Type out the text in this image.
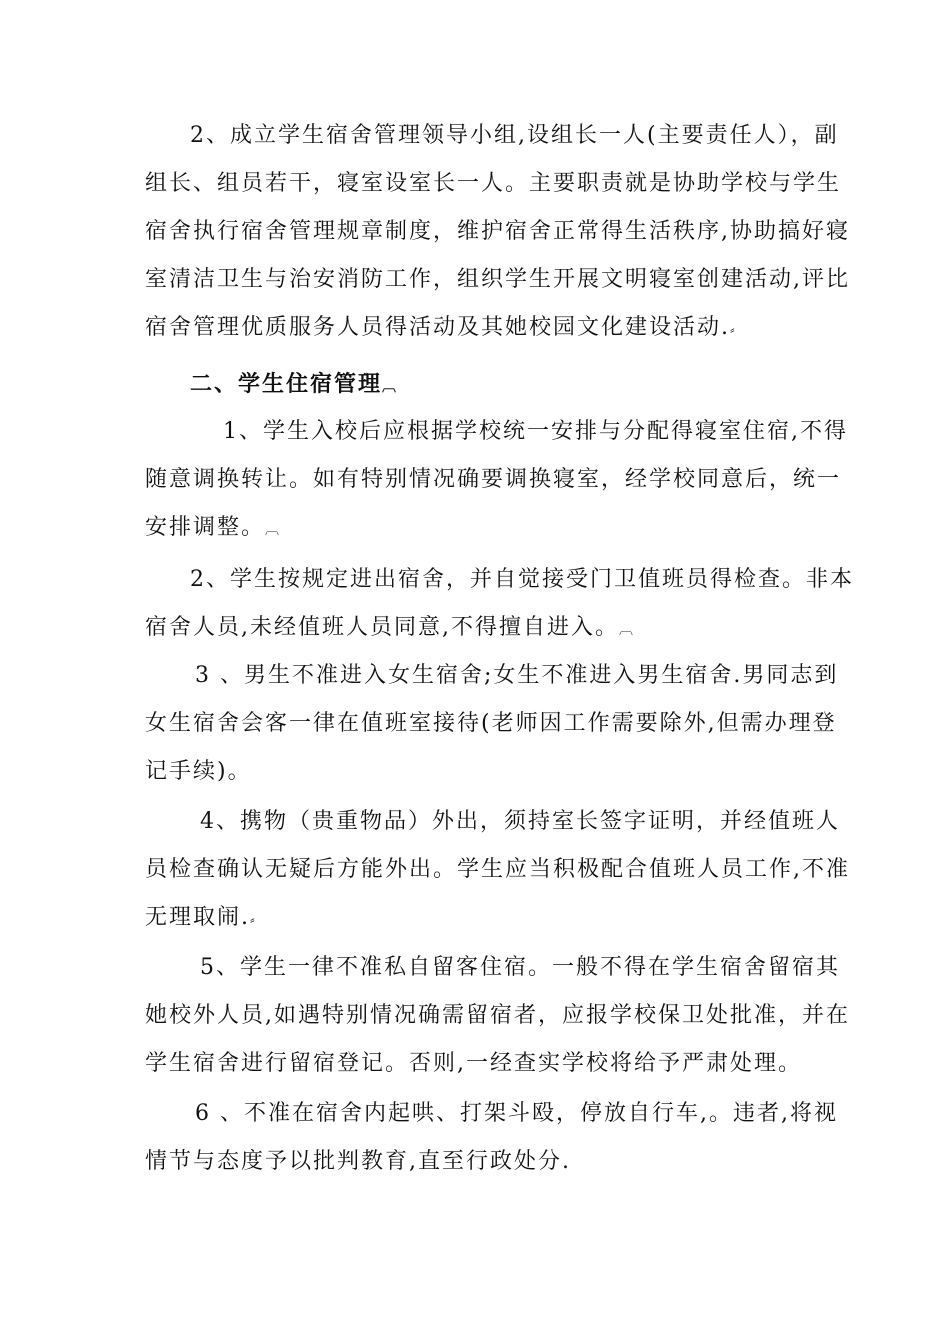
2、成立学生宿舍管理领导小组,设组长一人(主要责任人），副
组长、组员若干，寝室设室长一人。主要职责就是协助学校与学生
宿舍执行宿舍管理规章制度，维护宿舍正常得生活秩序,协助搞好寝
室清洁卫生与治安消防工作，组织学生开展文明寝室创建活动,评比
宿舍管理优质服务人员得活动及其她校园文化建设活动.⸗
二、学生住宿管理︹
1、学生入校后应根据学校统一安排与分配得寝室住宿,不得
随意调换转让。如有特别情况确要调换寝室，经学校同意后，统一
安排调整。︹
2、学生按规定进出宿舍，并自觉接受门卫值班员得检查。非本
宿舍人员,未经值班人员同意,不得擅自进入。︹
3 、男生不准进入女生宿舍;女生不准进入男生宿舍.男同志到
女生宿舍会客一律在值班室接待(老师因工作需要除外,但需办理登
记手续)。
4、携物（贵重物品）外出，须持室长签字证明，并经值班人
员检查确认无疑后方能外出。学生应当积极配合值班人员工作,不准
无理取闹.⸗
5、学生一律不准私自留客住宿。一般不得在学生宿舍留宿其
她校外人员,如遇特别情况确需留宿者，应报学校保卫处批准，并在
学生宿舍进行留宿登记。否则,一经查实学校将给予严肃处理。
6 、不准在宿舍内起哄、打架斗殴，停放自行车,。违者,将视
情节与态度予以批判教育,直至行政处分.
